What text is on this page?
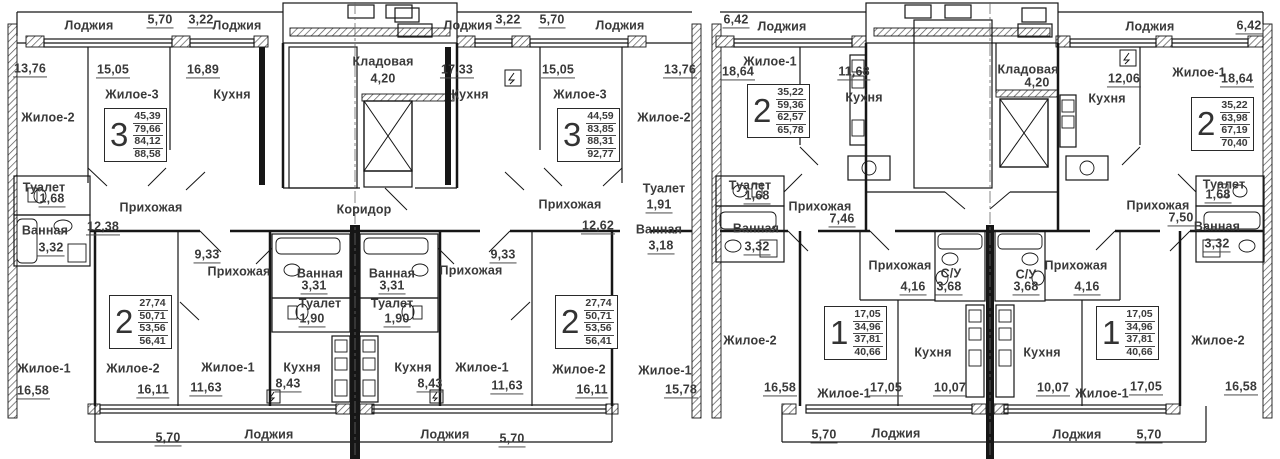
Лоджия	5,70 3,22 Лоджия	Лоджия 3,22 5,70 Лоджия
13,76
Жилое-2
15,05
Жилое-3
16,89
Кухня
Кладовая
4,20
17,33
Кухня
15,05
Жилое-3
13,76
Жилое-2
Туалет
1,68
Ванная
3,32
Прихожая
12,38
Коридор
Туалет
1,91
Ванная
3,18
Прихожая
12,62
9,33
Прихожая
9,33
Прихожая
Ванная
3,31
Туалет
1,90
Ванная
3,31
Туалет
1,90
Жилое-1
16,58
Жилое-2
16,11
Жилое-1
11,63
Кухня
8,43
Кухня
8,43
Жилое-1
11,63
Жилое-2
16,11
Жилое-1
15,78
5,70	Лоджия	Лоджия 5,70
6,42 Лоджия	Лоджия	6,42
Жилое-1
18,64	11,68
Кухня
Кладовая
4,20	12,06
Кухня
Жилое-1
18,64
Туалет
1,68
Прихожая
7,46
Ванная
3,32
Туалет
1,68
Прихожая
7,50
Ванная
3,32
Прихожая
4,16
С/У
3,68
С/У
3,68
Прихожая
4,16
Жилое-2
16,58
Кухня
10,07
Кухня
10,07
Жилое-1 17,05	Жилое-1 17,05
Жилое-2
16,58
5,70	Лоджия	Лоджия	5,70
3 45,39
79,66
84,12
88,58
3 44,59
83,85
88,31
92,77
2 27,74
50,71
53,56
56,41
2 27,74
50,71
53,56
56,41
2 35,22
59,36
62,57
65,78	2 35,22
63,98
67,19
70,40
1 17,05
34,96
37,81
40,66
1 17,05
34,96
37,81
40,66
